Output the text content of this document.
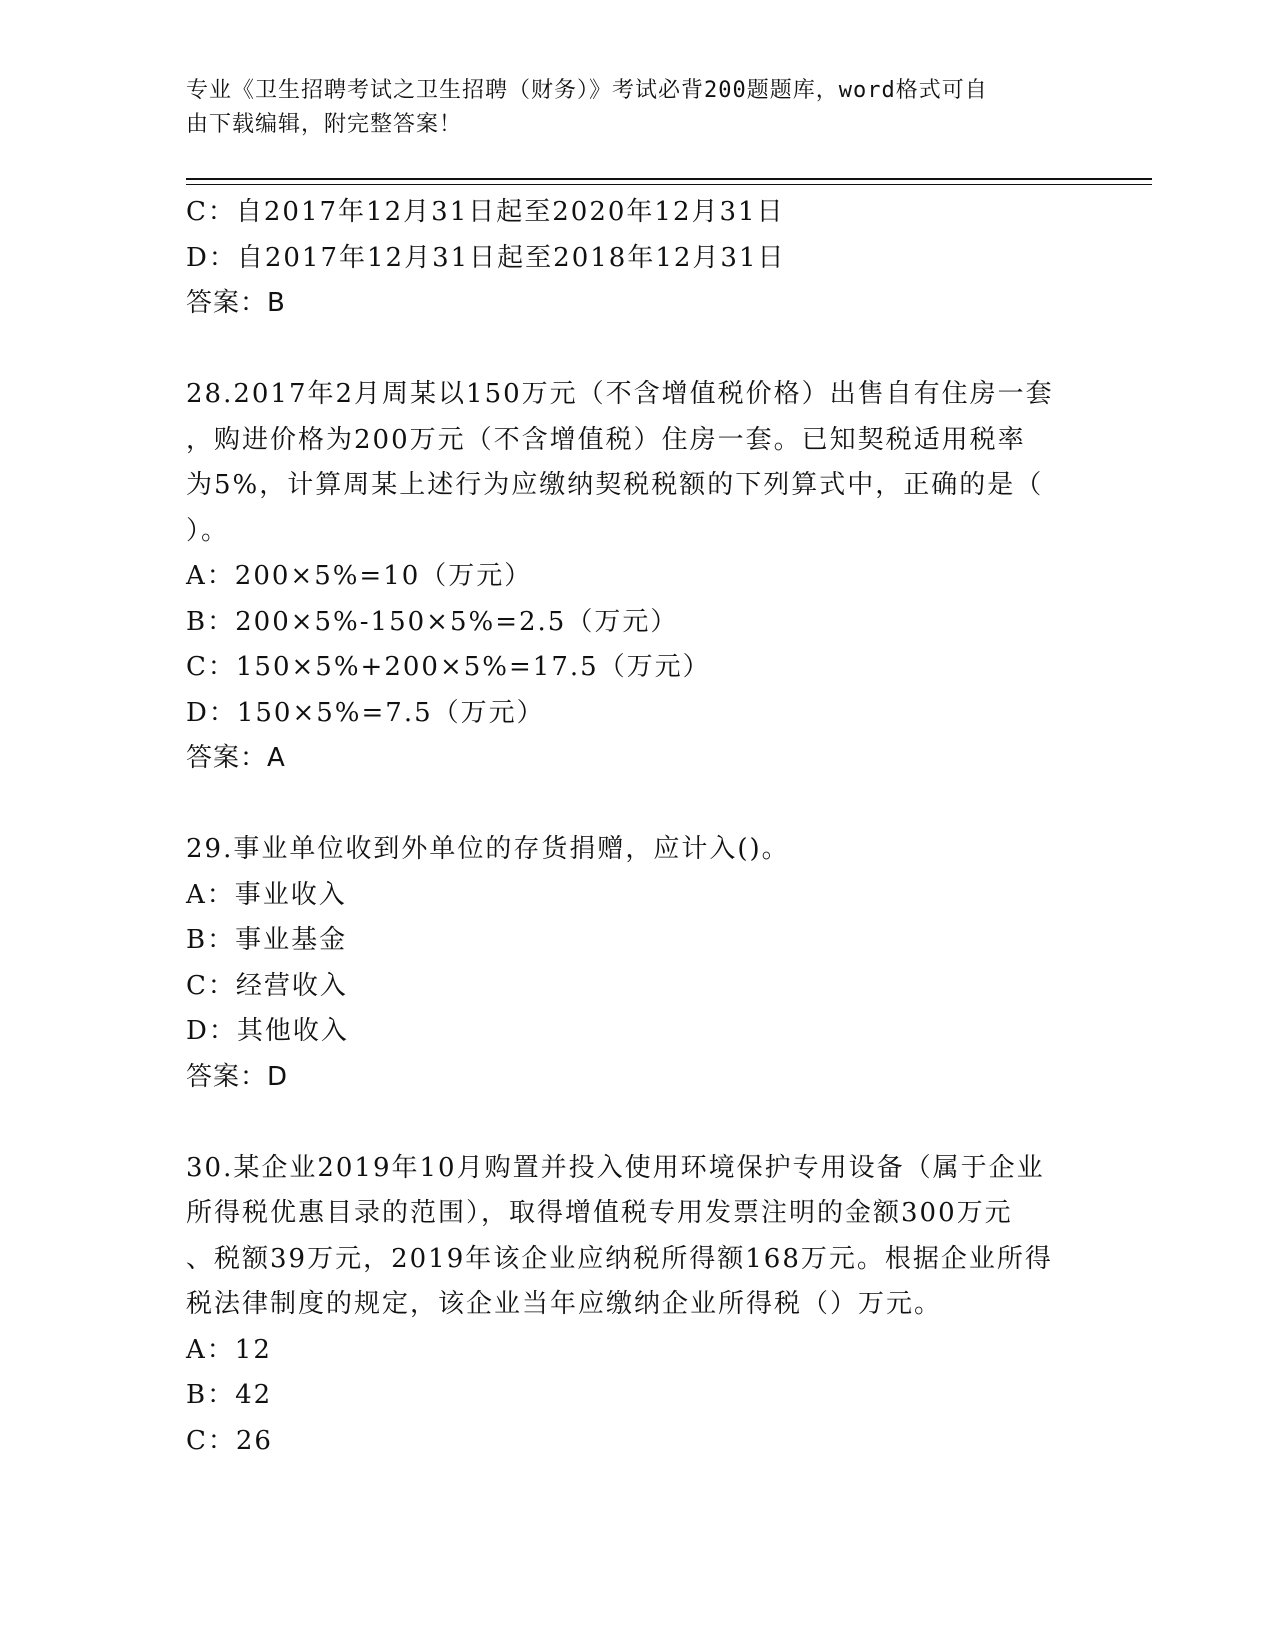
专业《卫生招聘考试之卫生招聘（财务）》考试必背200题题库，word格式可自
由下载编辑，附完整答案！
C：自2017年12月31日起至2020年12月31日
D：自2017年12月31日起至2018年12月31日
答案：B
28.2017年2月周某以150万元（不含增值税价格）出售自有住房一套
，购进价格为200万元（不含增值税）住房一套。已知契税适用税率
为5%，计算周某上述行为应缴纳契税税额的下列算式中，正确的是（
）。
A：200×5%=10（万元）
B：200×5%-150×5%=2.5（万元）
C：150×5%+200×5%=17.5（万元）
D：150×5%=7.5（万元）
答案：A
29.事业单位收到外单位的存货捐赠，应计入()。
A：事业收入
B：事业基金
C：经营收入
D：其他收入
答案：D
30.某企业2019年10月购置并投入使用环境保护专用设备（属于企业
所得税优惠目录的范围），取得增值税专用发票注明的金额300万元
、税额39万元，2019年该企业应纳税所得额168万元。根据企业所得
税法律制度的规定，该企业当年应缴纳企业所得税（）万元。
A：12
B：42
C：26
